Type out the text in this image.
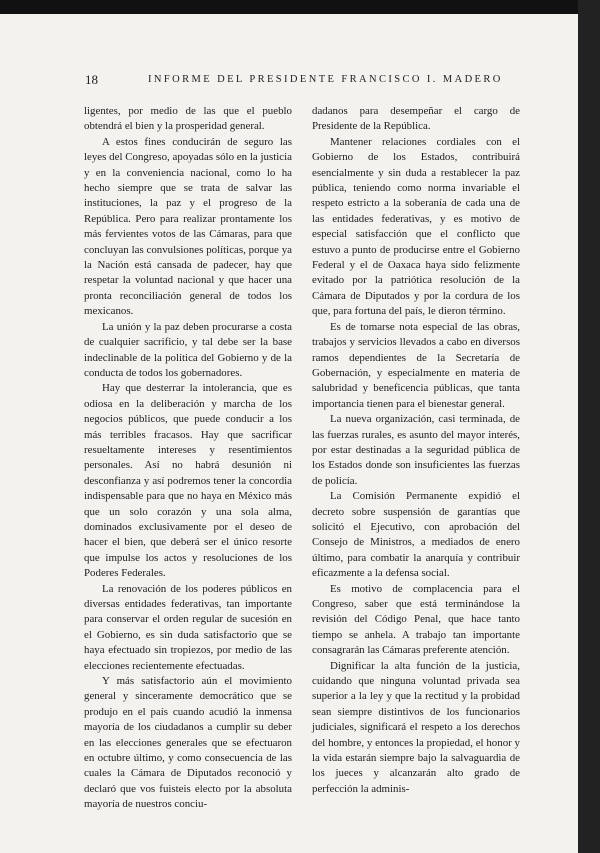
18	INFORME DEL PRESIDENTE FRANCISCO I. MADERO

ligentes, por medio de las que el pueblo obtendrá el bien y la prosperidad general.

A estos fines conducirán de seguro las leyes del Congreso, apoyadas sólo en la justicia y en la conveniencia nacional, como lo ha hecho siempre que se trata de salvar las instituciones, la paz y el progreso de la República. Pero para realizar prontamente los más fervientes votos de las Cámaras, para que concluyan las convulsiones políticas, porque ya la Nación está cansada de padecer, hay que respetar la voluntad nacional y que hacer una pronta reconciliación general de todos los mexicanos.

La unión y la paz deben procurarse a costa de cualquier sacrificio, y tal debe ser la base indeclinable de la política del Gobierno y de la conducta de todos los gobernadores.

Hay que desterrar la intolerancia, que es odiosa en la deliberación y marcha de los negocios públicos, que puede conducir a los más terribles fracasos. Hay que sacrificar resueltamente intereses y resentimientos personales. Así no habrá desunión ni desconfianza y así podremos tener la concordia indispensable para que no haya en México más que un solo corazón y una sola alma, dominados exclusivamente por el deseo de hacer el bien, que deberá ser el único resorte que impulse los actos y resoluciones de los Poderes Federales.

La renovación de los poderes públicos en diversas entidades federativas, tan importante para conservar el orden regular de sucesión en el Gobierno, es sin duda satisfactorio que se haya efectuado sin tropiezos, por medio de las elecciones recientemente efectuadas.

Y más satisfactorio aún el movimiento general y sinceramente democrático que se produjo en el país cuando acudió la inmensa mayoría de los ciudadanos a cumplir su deber en las elecciones generales que se efectuaron en octubre último, y como consecuencia de las cuales la Cámara de Diputados reconoció y declaró que vos fuisteis electo por la absoluta mayoría de nuestros conciu-

dadanos para desempeñar el cargo de Presidente de la República.

Mantener relaciones cordiales con el Gobierno de los Estados, contribuirá esencialmente y sin duda a restablecer la paz pública, teniendo como norma invariable el respeto estricto a la soberanía de cada una de las entidades federativas, y es motivo de especial satisfacción que el conflicto que estuvo a punto de producirse entre el Gobierno Federal y el de Oaxaca haya sido felizmente evitado por la patriótica resolución de la Cámara de Diputados y por la cordura de los que, para fortuna del país, le dieron término.

Es de tomarse nota especial de las obras, trabajos y servicios llevados a cabo en diversos ramos dependientes de la Secretaría de Gobernación, y especialmente en materia de salubridad y beneficencia públicas, que tanta importancia tienen para el bienestar general.

La nueva organización, casi terminada, de las fuerzas rurales, es asunto del mayor interés, por estar destinadas a la seguridad pública de los Estados donde son insuficientes las fuerzas de policía.

La Comisión Permanente expidió el decreto sobre suspensión de garantías que solicitó el Ejecutivo, con aprobación del Consejo de Ministros, a mediados de enero último, para combatir la anarquía y contribuir eficazmente a la defensa social.

Es motivo de complacencia para el Congreso, saber que está terminándose la revisión del Código Penal, que hace tanto tiempo se anhela. A trabajo tan importante consagrarán las Cámaras preferente atención.

Dignificar la alta función de la justicia, cuidando que ninguna voluntad privada sea superior a la ley y que la rectitud y la probidad sean siempre distintivos de los funcionarios judiciales, significará el respeto a los derechos del hombre, y entonces la propiedad, el honor y la vida estarán siempre bajo la salvaguardia de los jueces y alcanzarán alto grado de perfección la adminis-
